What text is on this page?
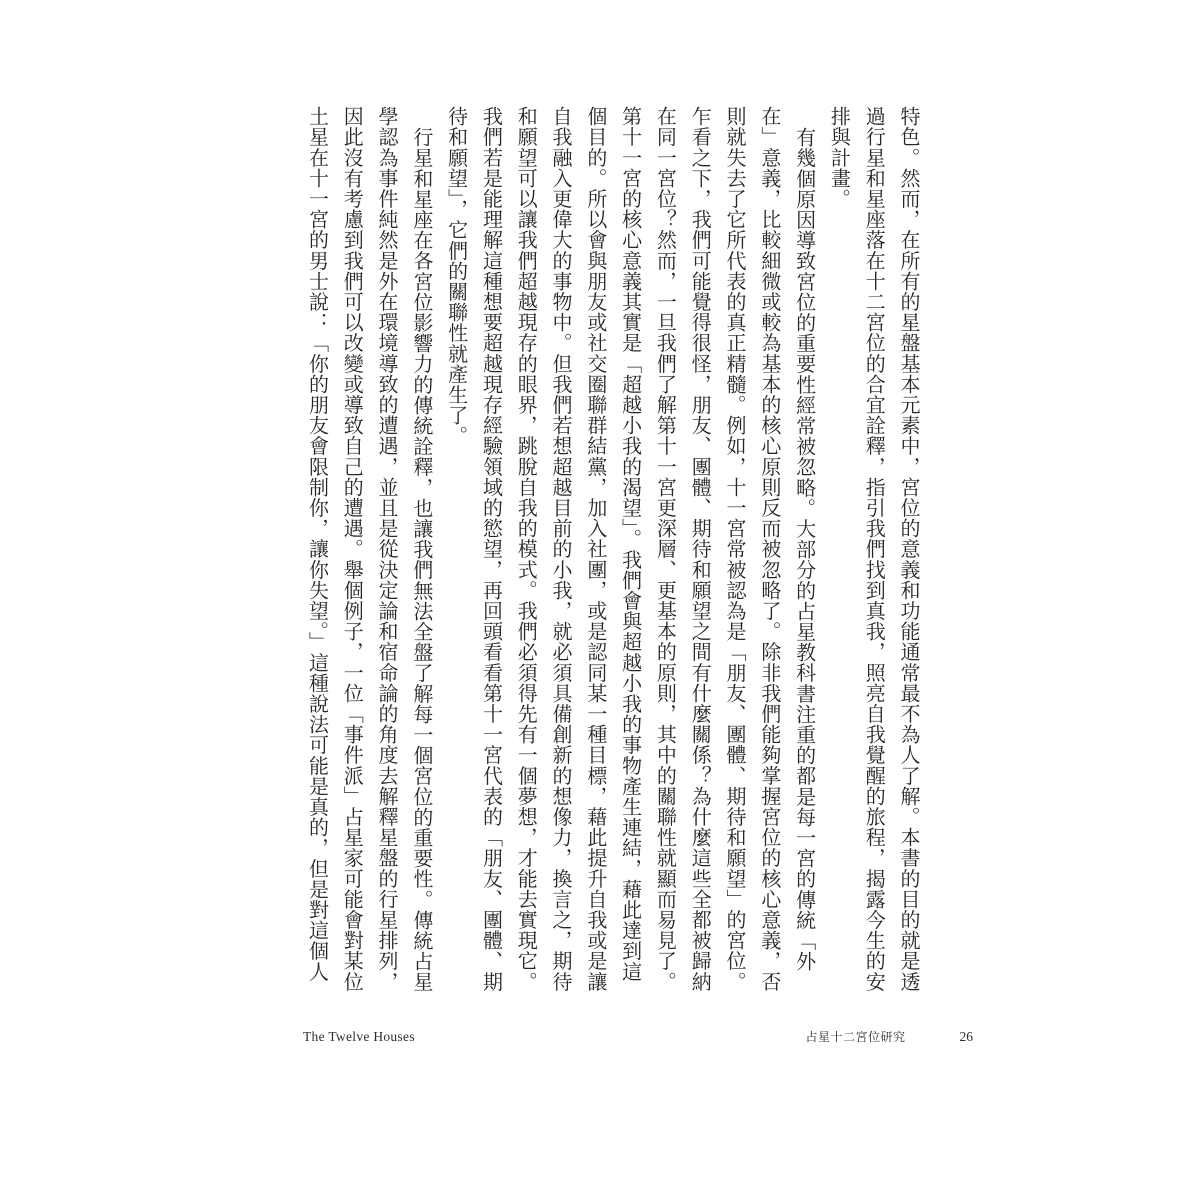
特色。然而，在所有的星盤基本元素中，宮位的意義和功能通常最不為人了解。本書的目的就是透過行星和星座落在十二宮位的合宜詮釋，指引我們找到真我，照亮自我覺醒的旅程，揭露今生的安排與計畫。

有幾個原因導致宮位的重要性經常被忽略。大部分的占星教科書注重的都是每一宮的傳統「外在」意義，比較細微或較為基本的核心原則反而被忽略了。除非我們能夠掌握宮位的核心意義，否則就失去了它所代表的真正精髓。例如，十一宮常被認為是「朋友、團體、期待和願望」的宮位。乍看之下，我們可能覺得很怪，朋友、團體、期待和願望之間有什麼關係？為什麼這些全都被歸納在同一宮位？然而，一旦我們了解第十一宮更深層、更基本的原則，其中的關聯性就顯而易見了。第十一宮的核心意義其實是「超越小我的渴望」。我們會與超越小我的事物產生連結，藉此達到這個目的。所以會與朋友或社交圈聯群結黨，加入社團，或是認同某一種目標，藉此提升自我或是讓自我融入更偉大的事物中。但我們若想超越目前的小我，就必須具備創新的想像力，換言之，期待和願望可以讓我們超越現存的眼界，跳脫自我的模式。我們必須得先有一個夢想，才能去實現它。我們若是能理解這種想要超越現存經驗領域的慾望，再回頭看看第十一宮代表的「朋友、團體、期待和願望」，它們的關聯性就產生了。

行星和星座在各宮位影響力的傳統詮釋，也讓我們無法全盤了解每一個宮位的重要性。傳統占星學認為事件純然是外在環境導致的遭遇，並且是從決定論和宿命論的角度去解釋星盤的行星排列，因此沒有考慮到我們可以改變或導致自己的遭遇。舉個例子，一位「事件派」占星家可能會對某位土星在十一宮的男士說：「你的朋友會限制你，讓你失望。」這種說法可能是真的，但是對這個人

The Twelve Houses	占星十二宮位研究	26
